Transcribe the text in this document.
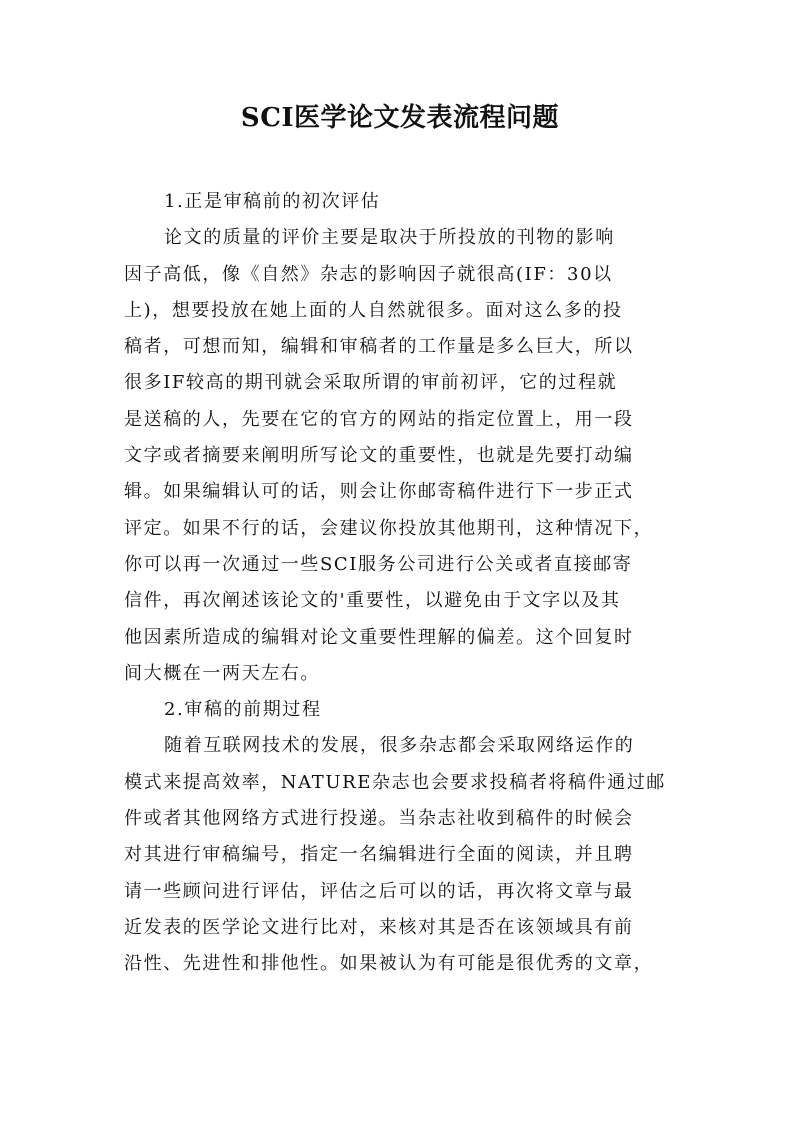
SCI医学论文发表流程问题
1.正是审稿前的初次评估
论文的质量的评价主要是取决于所投放的刊物的影响
因子高低，像《自然》杂志的影响因子就很高(IF：30以
上)，想要投放在她上面的人自然就很多。面对这么多的投
稿者，可想而知，编辑和审稿者的工作量是多么巨大，所以
很多IF较高的期刊就会采取所谓的审前初评，它的过程就
是送稿的人，先要在它的官方的网站的指定位置上，用一段
文字或者摘要来阐明所写论文的重要性，也就是先要打动编
辑。如果编辑认可的话，则会让你邮寄稿件进行下一步正式
评定。如果不行的话，会建议你投放其他期刊，这种情况下，
你可以再一次通过一些SCI服务公司进行公关或者直接邮寄
信件，再次阐述该论文的'重要性，以避免由于文字以及其
他因素所造成的编辑对论文重要性理解的偏差。这个回复时
间大概在一两天左右。
2.审稿的前期过程
随着互联网技术的发展，很多杂志都会采取网络运作的
模式来提高效率，NATURE杂志也会要求投稿者将稿件通过邮
件或者其他网络方式进行投递。当杂志社收到稿件的时候会
对其进行审稿编号，指定一名编辑进行全面的阅读，并且聘
请一些顾问进行评估，评估之后可以的话，再次将文章与最
近发表的医学论文进行比对，来核对其是否在该领域具有前
沿性、先进性和排他性。如果被认为有可能是很优秀的文章，
